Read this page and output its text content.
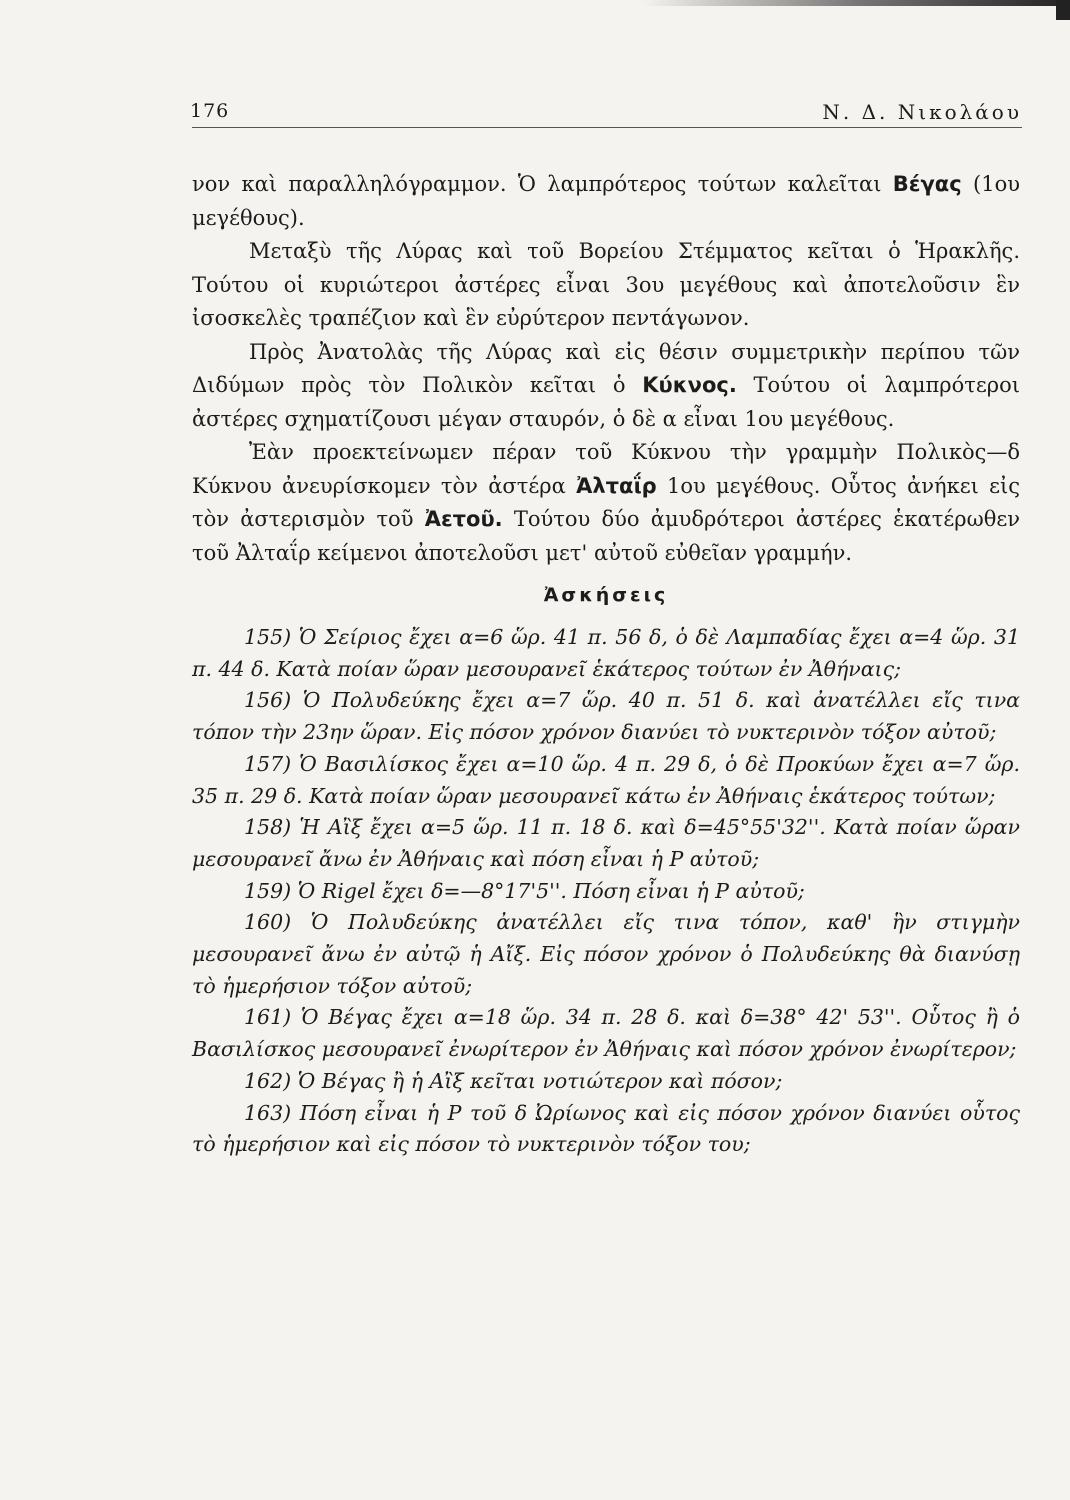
176	Ν. Δ. Νικολάου

νον καὶ παραλληλόγραμμον. Ὁ λαμπρότερος τούτων καλεῖται Βέγας (1ου μεγέθους).

Μεταξὺ τῆς Λύρας καὶ τοῦ Βορείου Στέμματος κεῖται ὁ Ἡρακλῆς. Τούτου οἱ κυριώτεροι ἀστέρες εἶναι 3ου μεγέθους καὶ ἀποτελοῦσιν ἓν ἰσοσκελὲς τραπέζιον καὶ ἓν εὐρύτερον πεντάγωνον.

Πρὸς Ἀνατολὰς τῆς Λύρας καὶ εἰς θέσιν συμμετρικὴν περίπου τῶν Διδύμων πρὸς τὸν Πολικὸν κεῖται ὁ Κύκνος. Τούτου οἱ λαμπρότεροι ἀστέρες σχηματίζουσι μέγαν σταυρόν, ὁ δὲ α εἶναι 1ου μεγέθους.

Ἐὰν προεκτείνωμεν πέραν τοῦ Κύκνου τὴν γραμμὴν Πολικὸς—δ Κύκνου ἀνευρίσκομεν τὸν ἀστέρα Ἀλταΐρ 1ου μεγέθους. Οὗτος ἀνήκει εἰς τὸν ἀστερισμὸν τοῦ Ἀετοῦ. Τούτου δύο ἀμυδρότεροι ἀστέρες ἑκατέρωθεν τοῦ Ἀλταΐρ κείμενοι ἀποτελοῦσι μετ' αὐτοῦ εὐθεῖαν γραμμήν.

Ἀσκήσεις

155) Ὁ Σείριος ἔχει α=6 ὥρ. 41 π. 56 δ, ὁ δὲ Λαμπαδίας ἔχει α=4 ὥρ. 31 π. 44 δ. Κατὰ ποίαν ὥραν μεσουρανεῖ ἑκάτερος τούτων ἐν Ἀθήναις;

156) Ὁ Πολυδεύκης ἔχει α=7 ὥρ. 40 π. 51 δ. καὶ ἀνατέλλει εἴς τινα τόπον τὴν 23ην ὥραν. Εἰς πόσον χρόνον διανύει τὸ νυκτερινὸν τόξον αὐτοῦ;

157) Ὁ Βασιλίσκος ἔχει α=10 ὥρ. 4 π. 29 δ, ὁ δὲ Προκύων ἔχει α=7 ὥρ. 35 π. 29 δ. Κατὰ ποίαν ὥραν μεσουρανεῖ κάτω ἐν Ἀθήναις ἑκάτερος τούτων;

158) Ἡ Αἲξ ἔχει α=5 ὥρ. 11 π. 18 δ. καὶ δ=45°55'32''. Κατὰ ποίαν ὥραν μεσουρανεῖ ἄνω ἐν Ἀθήναις καὶ πόση εἶναι ἡ P αὐτοῦ;

159) Ὁ Rigel ἔχει δ=—8°17'5''. Πόση εἶναι ἡ P αὐτοῦ;

160) Ὁ Πολυδεύκης ἀνατέλλει εἴς τινα τόπον, καθ' ἣν στιγμὴν μεσουρανεῖ ἄνω ἐν αὐτῷ ἡ Αἴξ. Εἰς πόσον χρόνον ὁ Πολυδεύκης θὰ διανύσῃ τὸ ἡμερήσιον τόξον αὐτοῦ;

161) Ὁ Βέγας ἔχει α=18 ὥρ. 34 π. 28 δ. καὶ δ=38° 42' 53''. Οὗτος ἢ ὁ Βασιλίσκος μεσουρανεῖ ἐνωρίτερον ἐν Ἀθήναις καὶ πόσον χρόνον ἐνωρίτερον;

162) Ὁ Βέγας ἢ ἡ Αἲξ κεῖται νοτιώτερον καὶ πόσον;

163) Πόση εἶναι ἡ P τοῦ δ Ὠρίωνος καὶ εἰς πόσον χρόνον διανύει οὗτος τὸ ἡμερήσιον καὶ εἰς πόσον τὸ νυκτερινὸν τόξον του;
